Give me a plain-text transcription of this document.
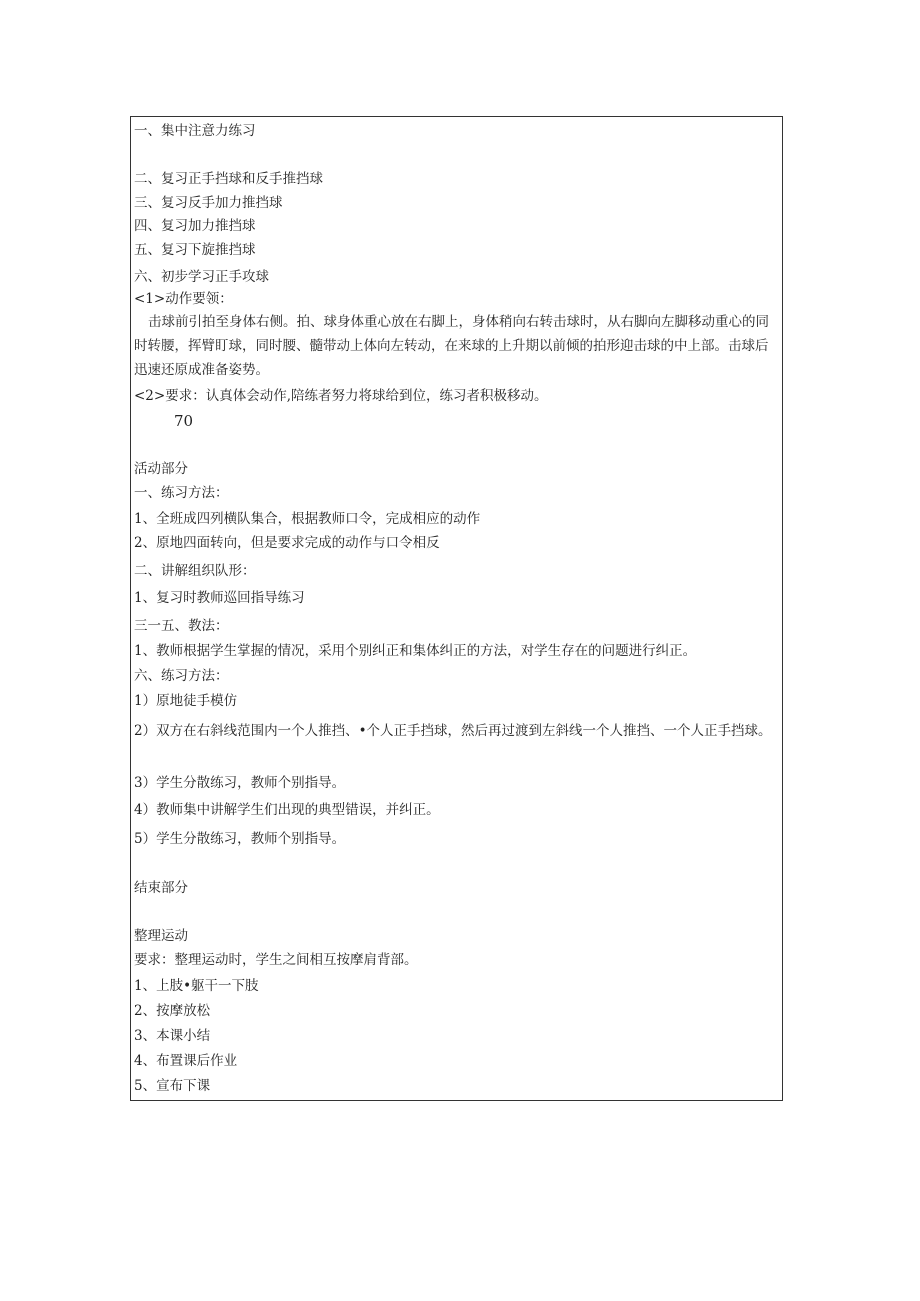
一、集中注意力练习
二、复习正手挡球和反手推挡球
三、复习反手加力推挡球
四、复习加力推挡球
五、复习下旋推挡球
六、初步学习正手攻球
<1>动作要领：
击球前引拍至身体右侧。拍、球身体重心放在右脚上，身体稍向右转击球时，从右脚向左脚移动重心的同时转腰，挥臂盯球，同时腰、髓带动上体向左转动，在来球的上升期以前倾的拍形迎击球的中上部。击球后迅速还原成准备姿势。
<2>要求：认真体会动作,陪练者努力将球给到位，练习者积极移动。
70
活动部分
一、练习方法：
1、全班成四列横队集合，根据教师口令，完成相应的动作
2、原地四面转向，但是要求完成的动作与口令相反
二、讲解组织队形：
1、复习时教师巡回指导练习
三一五、教法：
1、教师根据学生掌握的情况，采用个别纠正和集体纠正的方法，对学生存在的问题进行纠正。
六、练习方法：
1）原地徒手模仿
2）双方在右斜线范围内一个人推挡、•个人正手挡球，然后再过渡到左斜线一个人推挡、一个人正手挡球。
3）学生分散练习，教师个别指导。
4）教师集中讲解学生们出现的典型错误，并纠正。
5）学生分散练习，教师个别指导。
结束部分
整理运动
要求：整理运动时，学生之间相互按摩肩背部。
1、上肢•躯干一下肢
2、按摩放松
3、本课小结
4、布置课后作业
5、宣布下课
